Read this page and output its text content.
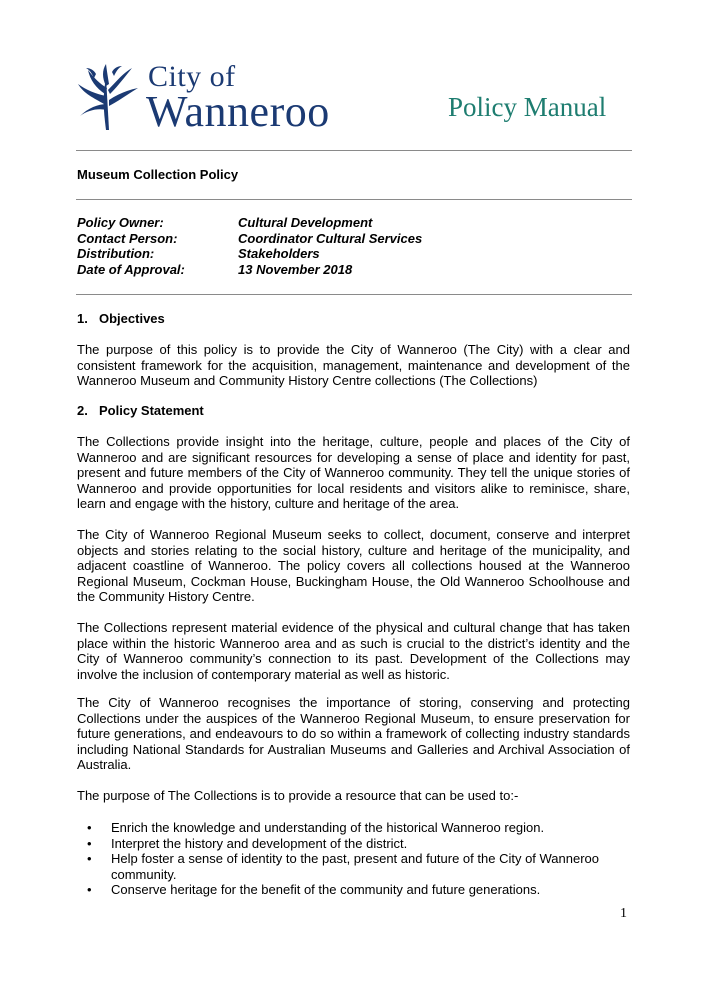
City of
Wanneroo	Policy Manual
Museum Collection Policy
Policy Owner:	Cultural Development
Contact Person:	Coordinator Cultural Services
Distribution:	Stakeholders
Date of Approval:	13 November 2018
1. Objectives
The purpose of this policy is to provide the City of Wanneroo (The City) with a clear and consistent framework for the acquisition, management, maintenance and development of the Wanneroo Museum and Community History Centre collections (The Collections)
2. Policy Statement
The Collections provide insight into the heritage, culture, people and places of the City of Wanneroo and are significant resources for developing a sense of place and identity for past, present and future members of the City of Wanneroo community. They tell the unique stories of Wanneroo and provide opportunities for local residents and visitors alike to reminisce, share, learn and engage with the history, culture and heritage of the area.
The City of Wanneroo Regional Museum seeks to collect, document, conserve and interpret objects and stories relating to the social history, culture and heritage of the municipality, and adjacent coastline of Wanneroo. The policy covers all collections housed at the Wanneroo Regional Museum, Cockman House, Buckingham House, the Old Wanneroo Schoolhouse and the Community History Centre.
The Collections represent material evidence of the physical and cultural change that has taken place within the historic Wanneroo area and as such is crucial to the district’s identity and the City of Wanneroo community’s connection to its past. Development of the Collections may involve the inclusion of contemporary material as well as historic.
The City of Wanneroo recognises the importance of storing, conserving and protecting Collections under the auspices of the Wanneroo Regional Museum, to ensure preservation for future generations, and endeavours to do so within a framework of collecting industry standards including National Standards for Australian Museums and Galleries and Archival Association of Australia.
The purpose of The Collections is to provide a resource that can be used to:-
• Enrich the knowledge and understanding of the historical Wanneroo region.
• Interpret the history and development of the district.
• Help foster a sense of identity to the past, present and future of the City of Wanneroo community.
• Conserve heritage for the benefit of the community and future generations.
1
